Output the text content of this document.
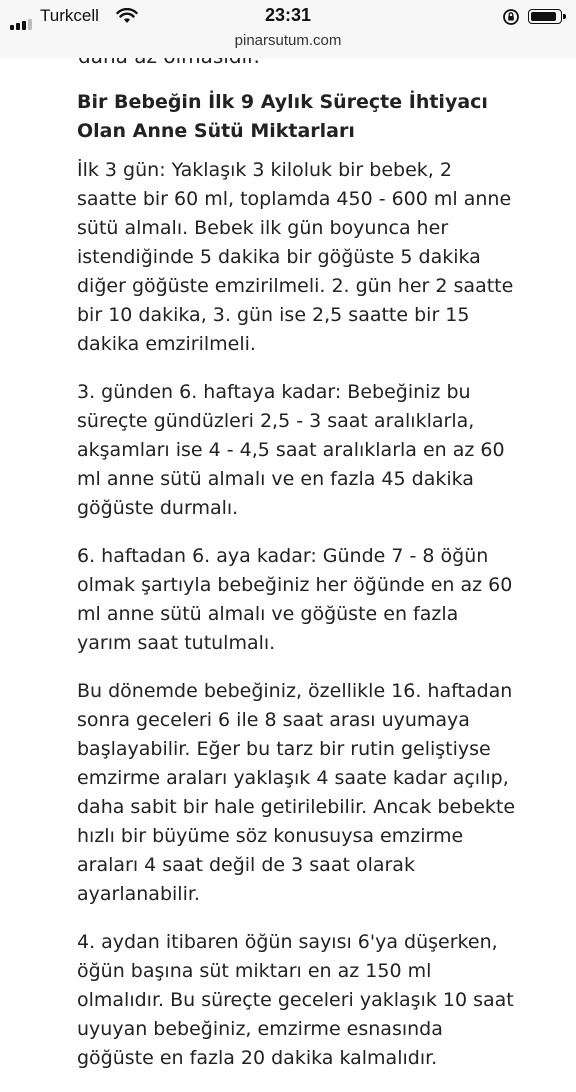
Turkcell	23:31
pinarsutum.com
Bir Bebeğin İlk 9 Aylık Süreçte İhtiyacı Olan Anne Sütü Miktarları

İlk 3 gün: Yaklaşık 3 kiloluk bir bebek, 2 saatte bir 60 ml, toplamda 450 - 600 ml anne sütü almalı. Bebek ilk gün boyunca her istendiğinde 5 dakika bir göğüste 5 dakika diğer göğüste emzirilmeli. 2. gün her 2 saatte bir 10 dakika, 3. gün ise 2,5 saatte bir 15 dakika emzirilmeli.

3. günden 6. haftaya kadar: Bebeğiniz bu süreçte gündüzleri 2,5 - 3 saat aralıklarla, akşamları ise 4 - 4,5 saat aralıklarla en az 60 ml anne sütü almalı ve en fazla 45 dakika göğüste durmalı.

6. haftadan 6. aya kadar: Günde 7 - 8 öğün olmak şartıyla bebeğiniz her öğünde en az 60 ml anne sütü almalı ve göğüste en fazla yarım saat tutulmalı.

Bu dönemde bebeğiniz, özellikle 16. haftadan sonra geceleri 6 ile 8 saat arası uyumaya başlayabilir. Eğer bu tarz bir rutin geliştiyse emzirme araları yaklaşık 4 saate kadar açılıp, daha sabit bir hale getirilebilir. Ancak bebekte hızlı bir büyüme söz konusuysa emzirme araları 4 saat değil de 3 saat olarak ayarlanabilir.

4. aydan itibaren öğün sayısı 6'ya düşerken, öğün başına süt miktarı en az 150 ml olmalıdır. Bu süreçte geceleri yaklaşık 10 saat uyuyan bebeğiniz, emzirme esnasında göğüste en fazla 20 dakika kalmalıdır.
